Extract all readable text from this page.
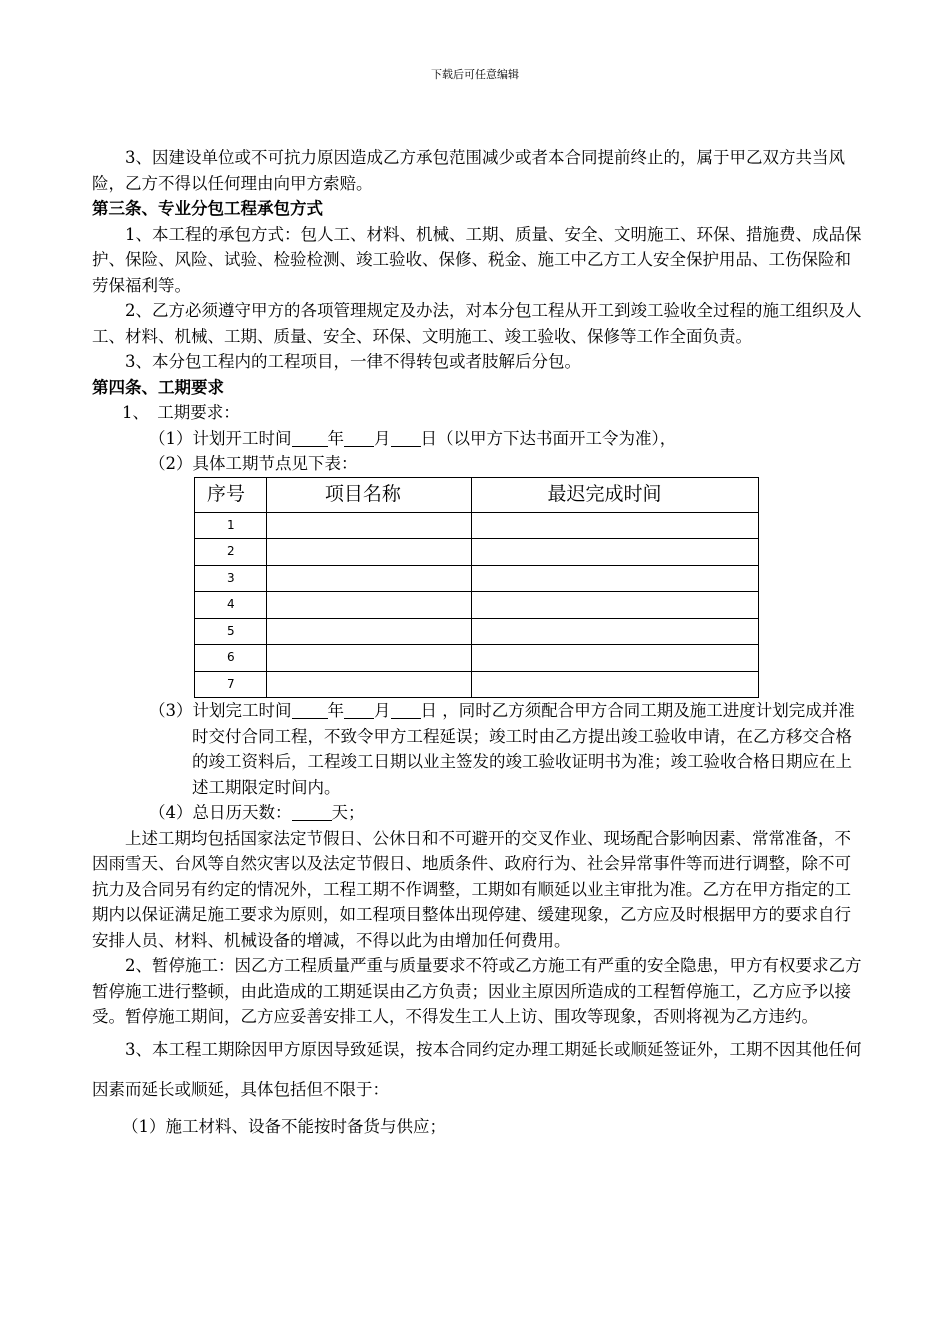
下载后可任意编辑

3、因建设单位或不可抗力原因造成乙方承包范围减少或者本合同提前终止的，属于甲乙双方共当风险，乙方不得以任何理由向甲方索赔。

第三条、专业分包工程承包方式

1、本工程的承包方式：包人工、材料、机械、工期、质量、安全、文明施工、环保、措施费、成品保护、保险、风险、试验、检验检测、竣工验收、保修、税金、施工中乙方工人安全保护用品、工伤保险和劳保福利等。

2、乙方必须遵守甲方的各项管理规定及办法，对本分包工程从开工到竣工验收全过程的施工组织及人工、材料、机械、工期、质量、安全、环保、文明施工、竣工验收、保修等工作全面负责。

3、本分包工程内的工程项目，一律不得转包或者肢解后分包。

第四条、工期要求

1、　工期要求：

（1）计划开工时间 年 月 日（以甲方下达书面开工令为准），

（2）具体工期节点见下表：

序号	项目名称	最迟完成时间
1		
2		
3		
4		
5		
6		
7		

（3）计划完工时间 年 月 日 ，同时乙方须配合甲方合同工期及施工进度计划完成并准时交付合同工程，不致令甲方工程延误；竣工时由乙方提出竣工验收申请，在乙方移交合格的竣工资料后，工程竣工日期以业主签发的竣工验收证明书为准；竣工验收合格日期应在上述工期限定时间内。

（4）总日历天数： 天；

上述工期均包括国家法定节假日、公休日和不可避开的交叉作业、现场配合影响因素、常常准备，不因雨雪天、台风等自然灾害以及法定节假日、地质条件、政府行为、社会异常事件等而进行调整，除不可抗力及合同另有约定的情况外，工程工期不作调整，工期如有顺延以业主审批为准。乙方在甲方指定的工期内以保证满足施工要求为原则，如工程项目整体出现停建、缓建现象，乙方应及时根据甲方的要求自行安排人员、材料、机械设备的增减，不得以此为由增加任何费用。

2、暂停施工：因乙方工程质量严重与质量要求不符或乙方施工有严重的安全隐患，甲方有权要求乙方暂停施工进行整顿，由此造成的工期延误由乙方负责；因业主原因所造成的工程暂停施工，乙方应予以接受。暂停施工期间，乙方应妥善安排工人，不得发生工人上访、围攻等现象，否则将视为乙方违约。

3、本工程工期除因甲方原因导致延误，按本合同约定办理工期延长或顺延签证外，工期不因其他任何因素而延长或顺延，具体包括但不限于：

（1）施工材料、设备不能按时备货与供应；
